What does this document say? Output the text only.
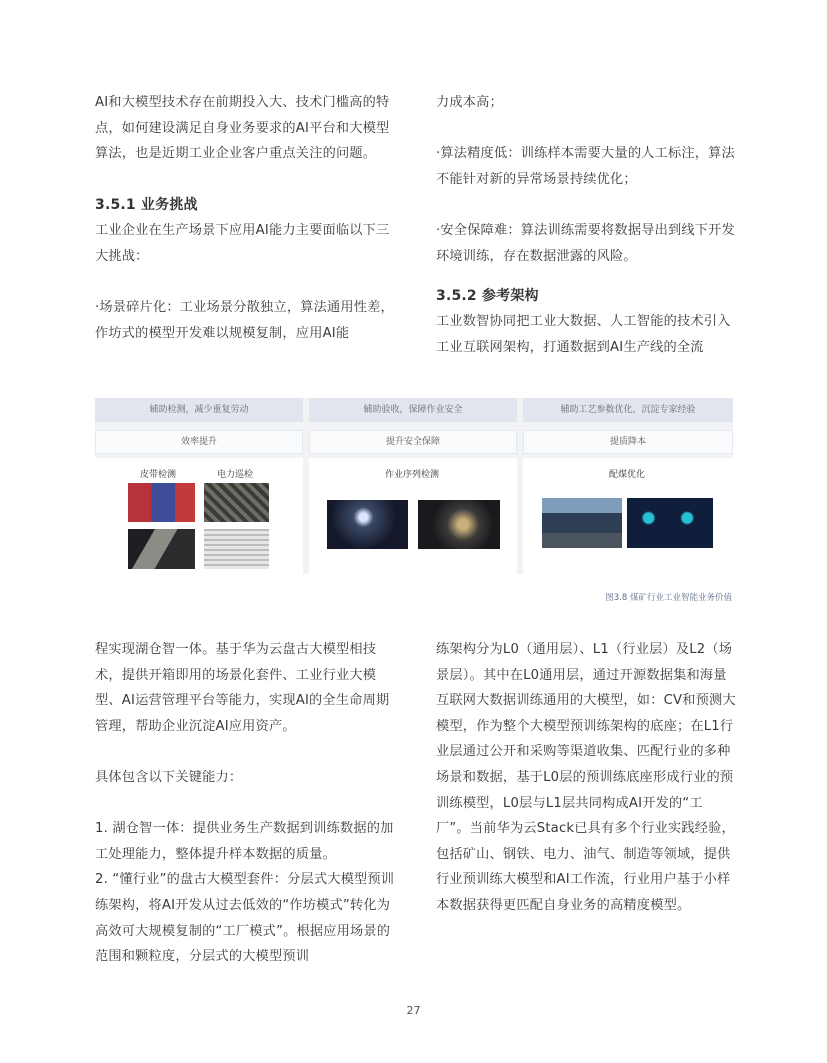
AI和大模型技术存在前期投入大、技术门槛高的特点，如何建设满足自身业务要求的AI平台和大模型算法，也是近期工业企业客户重点关注的问题。

3.5.1 业务挑战

工业企业在生产场景下应用AI能力主要面临以下三大挑战：

·场景碎片化：工业场景分散独立，算法通用性差，作坊式的模型开发难以规模复制，应用AI能

力成本高；

·算法精度低：训练样本需要大量的人工标注，算法不能针对新的异常场景持续优化；

·安全保障难：算法训练需要将数据导出到线下开发环境训练，存在数据泄露的风险。

3.5.2 参考架构

工业数智协同把工业大数据、人工智能的技术引入工业互联网架构，打通数据到AI生产线的全流

辅助检测，减少重复劳动	辅助验收，保障作业安全	辅助工艺参数优化，沉淀专家经验
效率提升	提升安全保障	提质降本
皮带检测	电力巡检	作业序列检测	配煤优化
图3.8 煤矿行业工业智能业务价值

程实现湖仓智一体。基于华为云盘古大模型相技术，提供开箱即用的场景化套件、工业行业大模型、AI运营管理平台等能力，实现AI的全生命周期管理，帮助企业沉淀AI应用资产。

具体包含以下关键能力：

1. 湖仓智一体：提供业务生产数据到训练数据的加工处理能力，整体提升样本数据的质量。

2. “懂行业”的盘古大模型套件：分层式大模型预训练架构，将AI开发从过去低效的“作坊模式”转化为高效可大规模复制的“工厂模式”。根据应用场景的范围和颗粒度，分层式的大模型预训

练架构分为L0（通用层）、L1（行业层）及L2（场景层）。其中在L0通用层，通过开源数据集和海量互联网大数据训练通用的大模型，如：CV和预测大模型，作为整个大模型预训练架构的底座；在L1行业层通过公开和采购等渠道收集、匹配行业的多种场景和数据，基于L0层的预训练底座形成行业的预训练模型，L0层与L1层共同构成AI开发的“工厂”。当前华为云Stack已具有多个行业实践经验，包括矿山、钢铁、电力、油气、制造等领域，提供行业预训练大模型和AI工作流，行业用户基于小样本数据获得更匹配自身业务的高精度模型。

27
